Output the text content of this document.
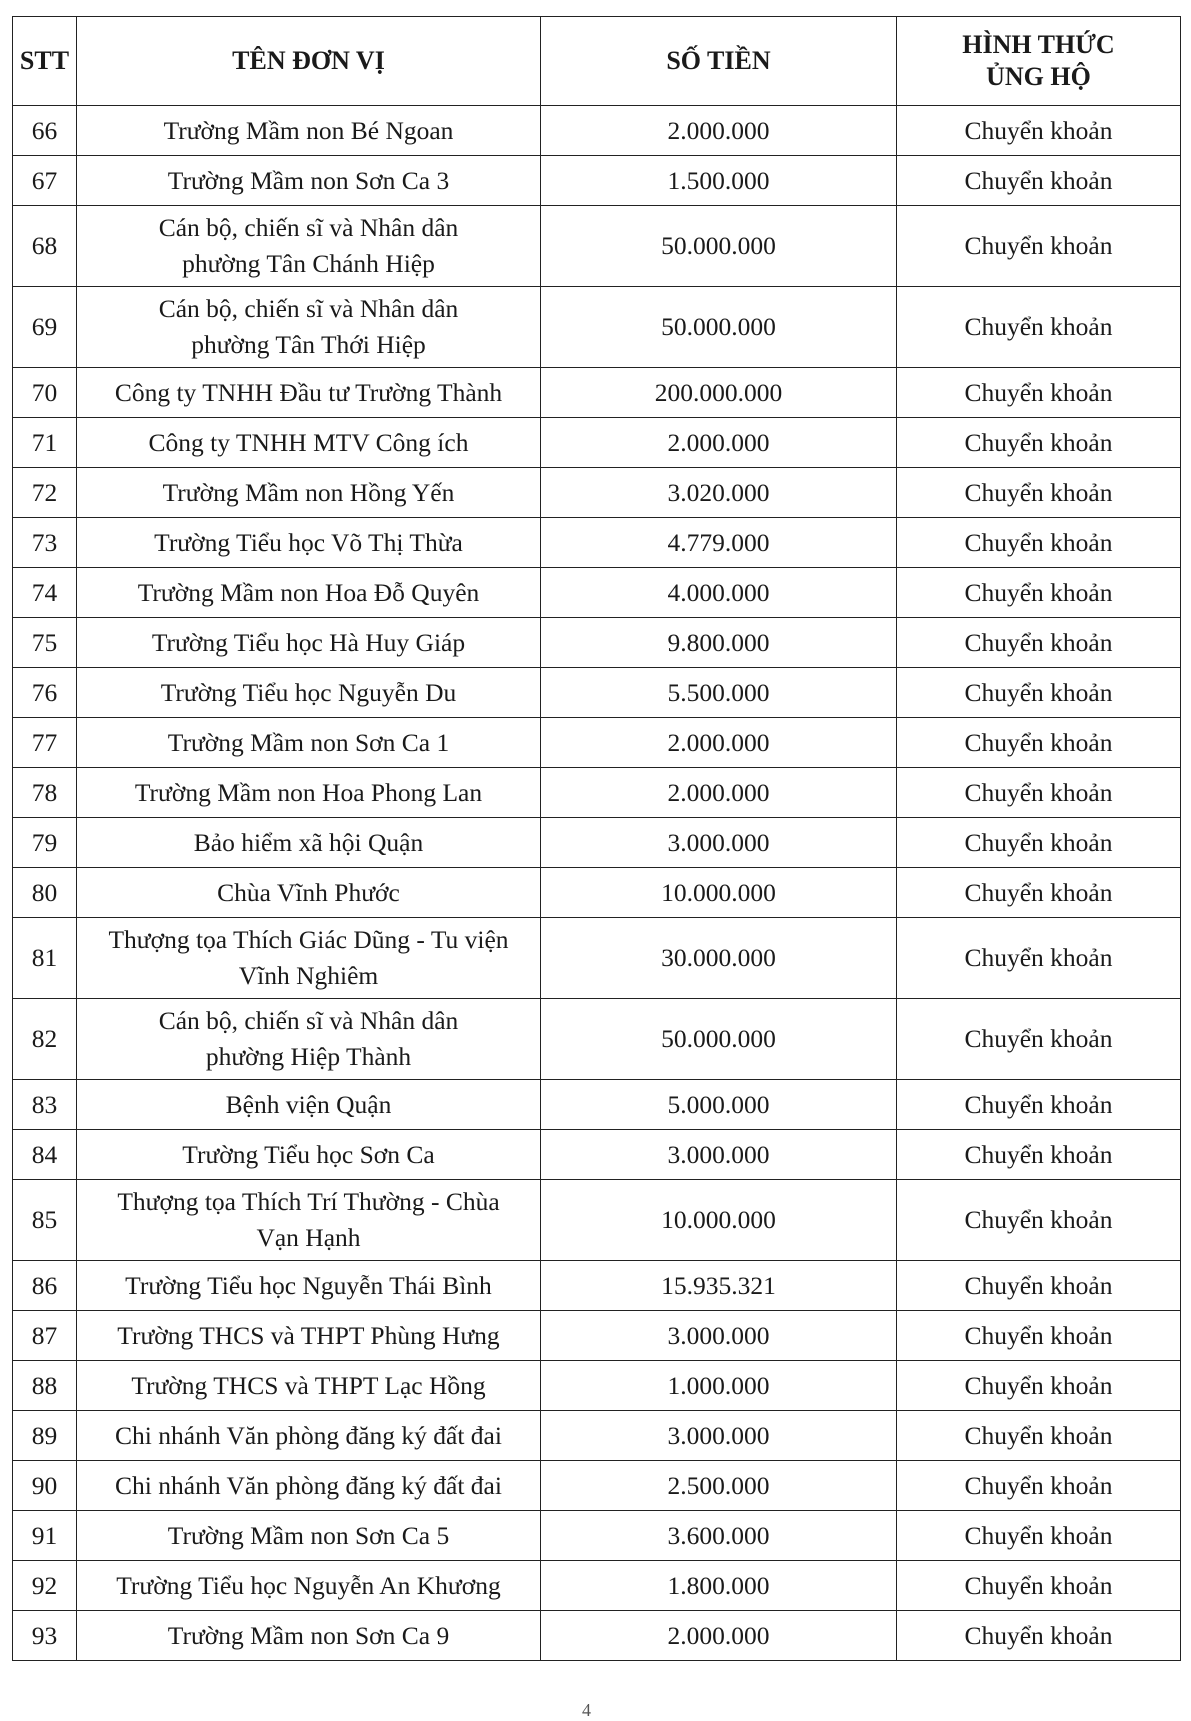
STT	TÊN ĐƠN VỊ	SỐ TIỀN	HÌNH THỨC
ỦNG HỘ
66	Trường Mầm non Bé Ngoan	2.000.000	Chuyển khoản
67	Trường Mầm non Sơn Ca 3	1.500.000	Chuyển khoản
68	Cán bộ, chiến sĩ và Nhân dân
phường Tân Chánh Hiệp	50.000.000	Chuyển khoản
69	Cán bộ, chiến sĩ và Nhân dân
phường Tân Thới Hiệp	50.000.000	Chuyển khoản
70	Công ty TNHH Đầu tư Trường Thành	200.000.000	Chuyển khoản
71	Công ty TNHH MTV Công ích	2.000.000	Chuyển khoản
72	Trường Mầm non Hồng Yến	3.020.000	Chuyển khoản
73	Trường Tiểu học Võ Thị Thừa	4.779.000	Chuyển khoản
74	Trường Mầm non Hoa Đỗ Quyên	4.000.000	Chuyển khoản
75	Trường Tiểu học Hà Huy Giáp	9.800.000	Chuyển khoản
76	Trường Tiểu học Nguyễn Du	5.500.000	Chuyển khoản
77	Trường Mầm non Sơn Ca 1	2.000.000	Chuyển khoản
78	Trường Mầm non Hoa Phong Lan	2.000.000	Chuyển khoản
79	Bảo hiểm xã hội Quận	3.000.000	Chuyển khoản
80	Chùa Vĩnh Phước	10.000.000	Chuyển khoản
81	Thượng tọa Thích Giác Dũng - Tu viện
Vĩnh Nghiêm	30.000.000	Chuyển khoản
82	Cán bộ, chiến sĩ và Nhân dân
phường Hiệp Thành	50.000.000	Chuyển khoản
83	Bệnh viện Quận	5.000.000	Chuyển khoản
84	Trường Tiểu học Sơn Ca	3.000.000	Chuyển khoản
85	Thượng tọa Thích Trí Thường - Chùa
Vạn Hạnh	10.000.000	Chuyển khoản
86	Trường Tiểu học Nguyễn Thái Bình	15.935.321	Chuyển khoản
87	Trường THCS và THPT Phùng Hưng	3.000.000	Chuyển khoản
88	Trường THCS và THPT Lạc Hồng	1.000.000	Chuyển khoản
89	Chi nhánh Văn phòng đăng ký đất đai	3.000.000	Chuyển khoản
90	Chi nhánh Văn phòng đăng ký đất đai	2.500.000	Chuyển khoản
91	Trường Mầm non Sơn Ca 5	3.600.000	Chuyển khoản
92	Trường Tiểu học Nguyễn An Khương	1.800.000	Chuyển khoản
93	Trường Mầm non Sơn Ca 9	2.000.000	Chuyển khoản
4
